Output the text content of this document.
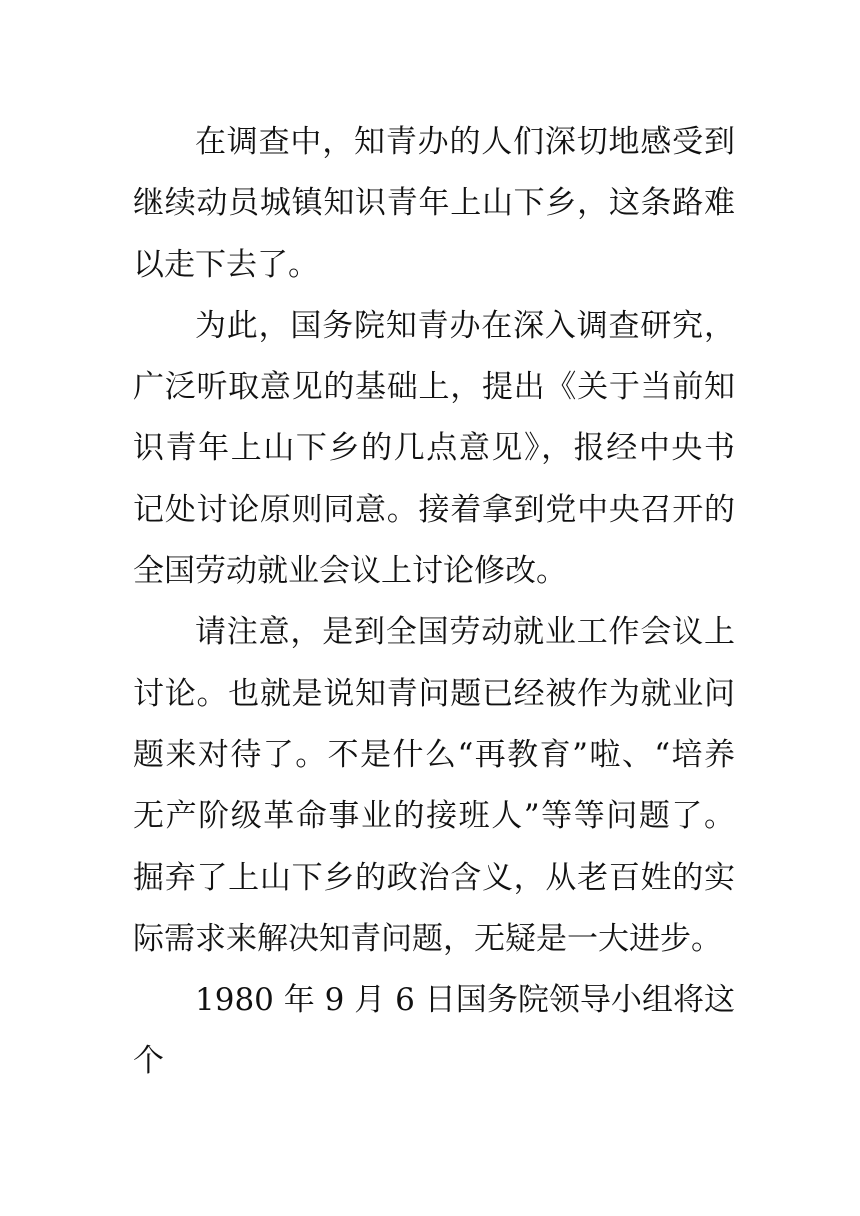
在调查中，知青办的人们深切地感受到继续动员城镇知识青年上山下乡，这条路难以走下去了。

为此，国务院知青办在深入调查研究，广泛听取意见的基础上，提出《关于当前知识青年上山下乡的几点意见》，报经中央书记处讨论原则同意。接着拿到党中央召开的全国劳动就业会议上讨论修改。

请注意，是到全国劳动就业工作会议上讨论。也就是说知青问题已经被作为就业问题来对待了。不是什么“再教育”啦、“培养无产阶级革命事业的接班人”等等问题了。掘弃了上山下乡的政治含义，从老百姓的实际需求来解决知青问题，无疑是一大进步。

1980 年 9 月 6 日国务院领导小组将这个
